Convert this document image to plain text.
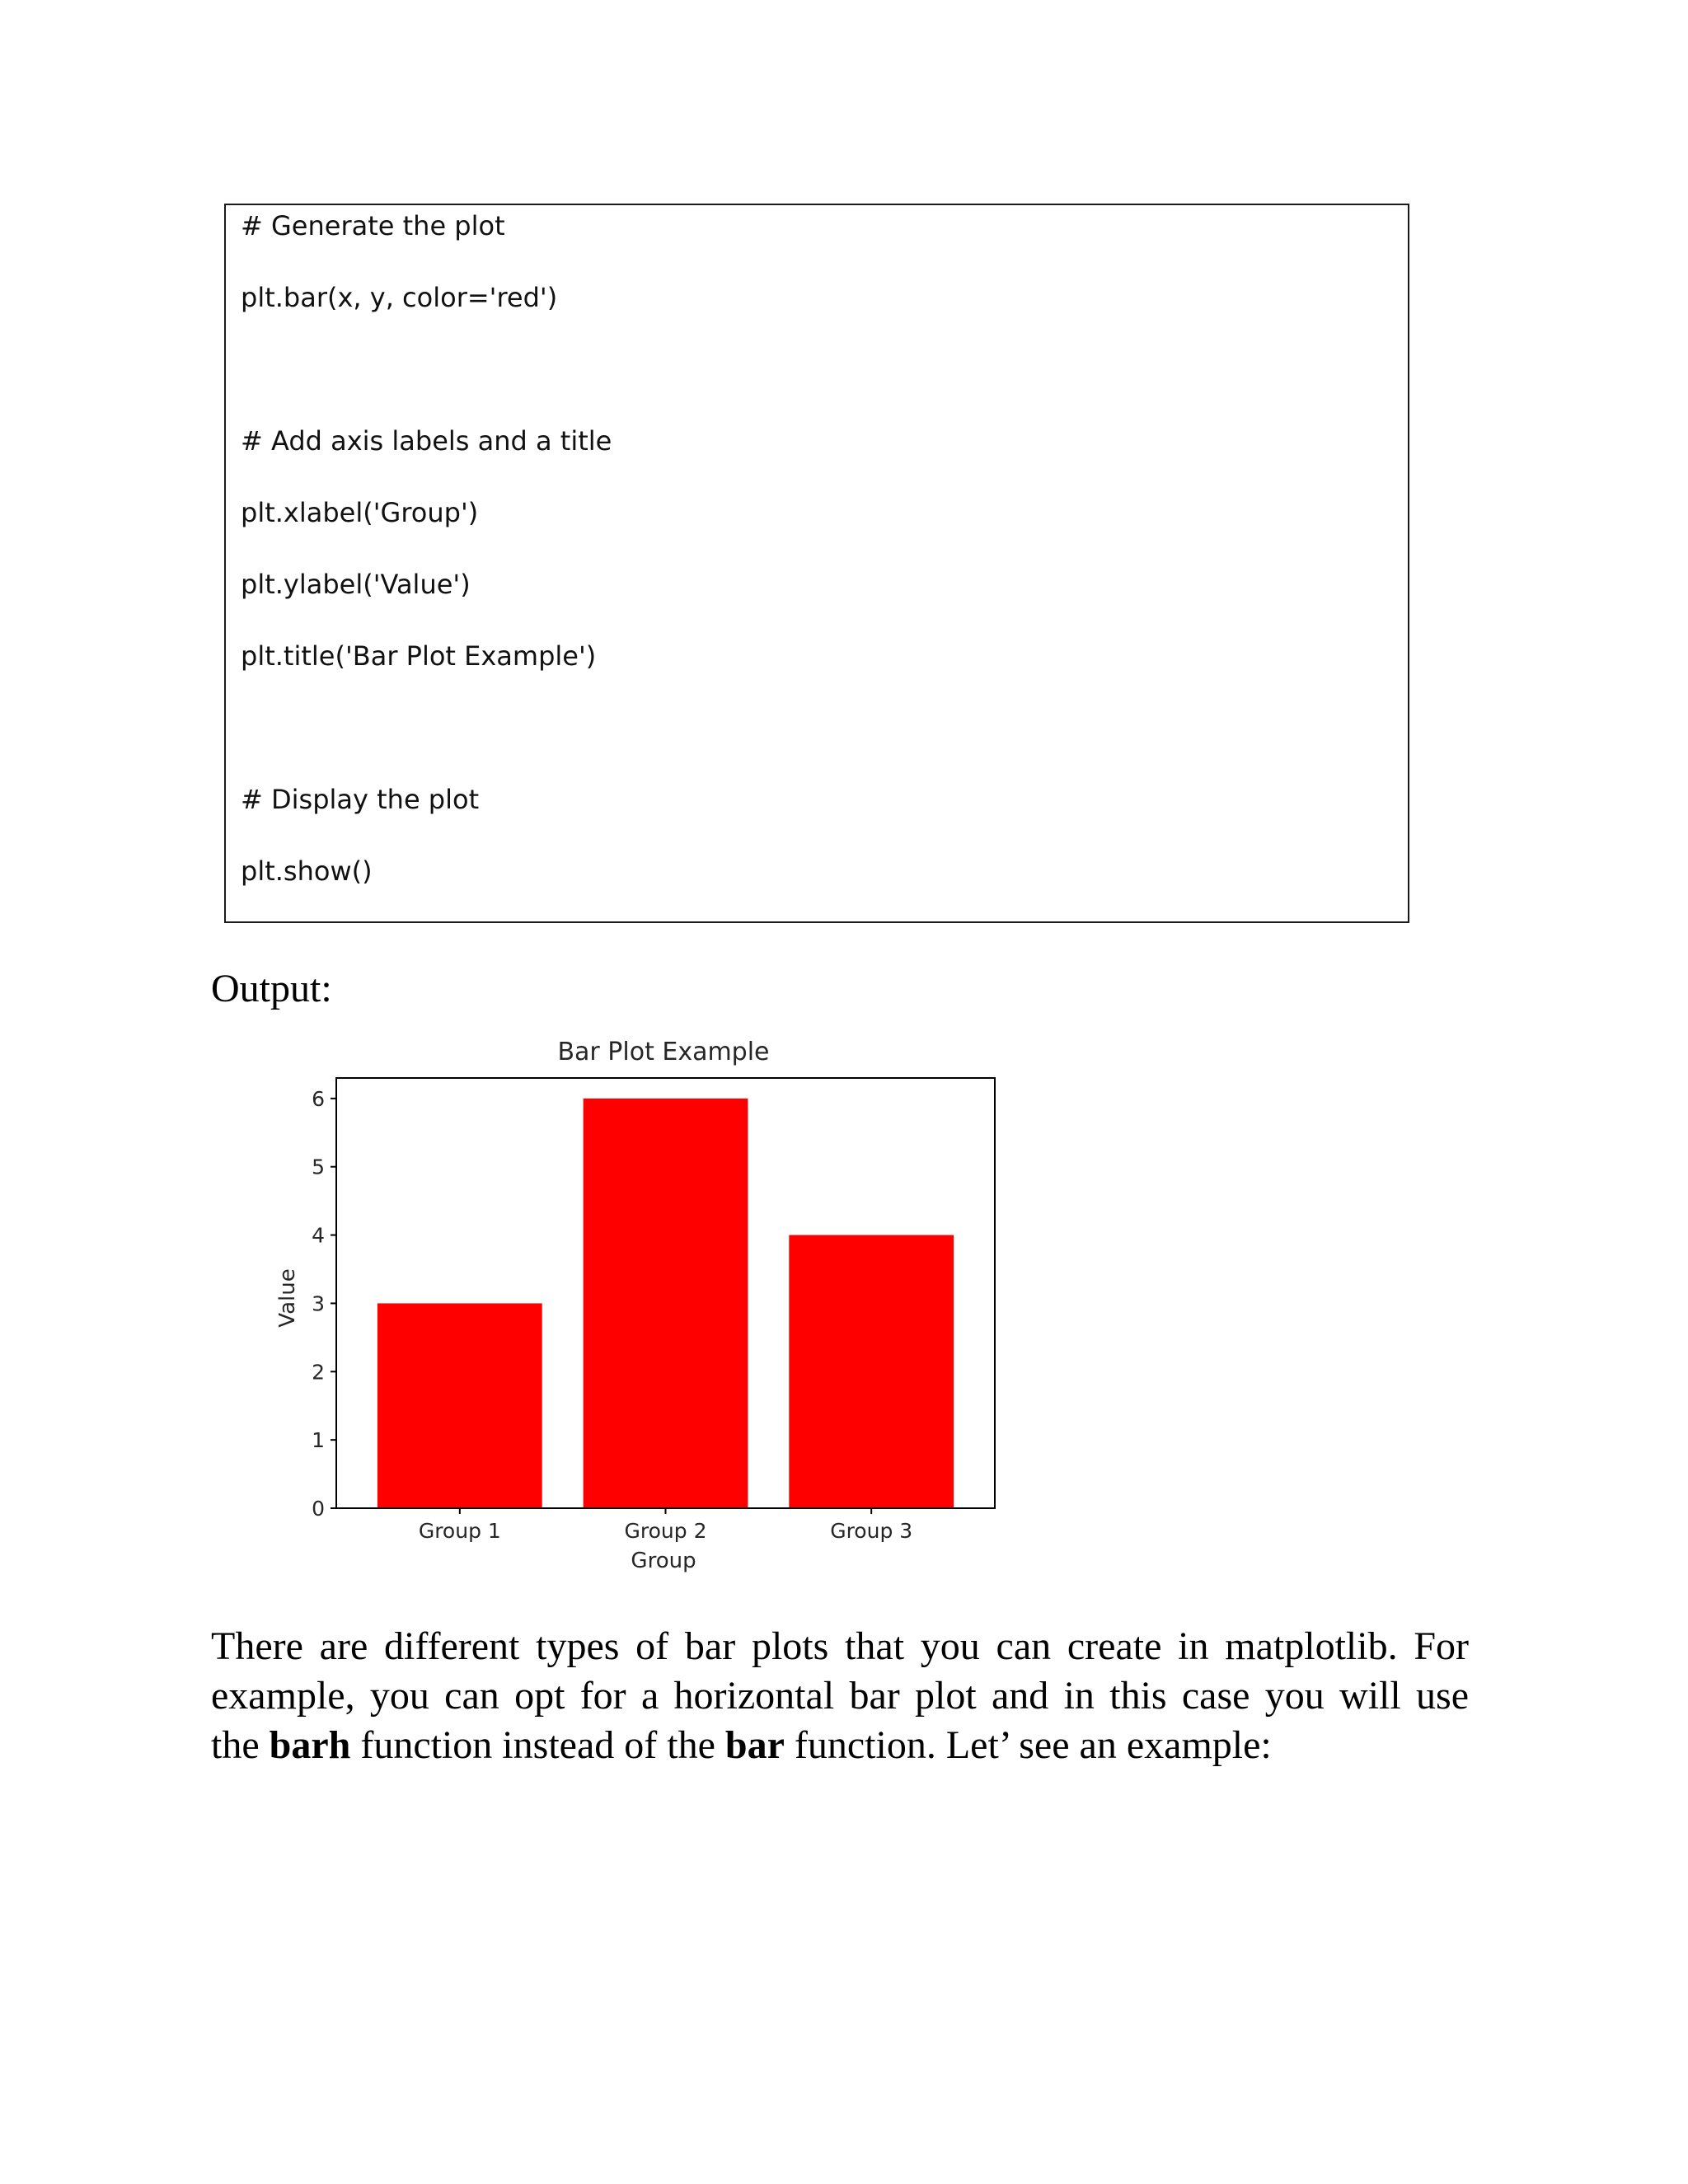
# Generate the plot
plt.bar(x, y, color='red')
# Add axis labels and a title
plt.xlabel('Group')
plt.ylabel('Value')
plt.title('Bar Plot Example')
# Display the plot
plt.show()
Output:
Bar Plot Example
Group
Value
0
1
2
3
4
5
6
Group 1	Group 2	Group 3
There are different types of bar plots that you can create in matplotlib. For
example, you can opt for a horizontal bar plot and in this case you will use
the barh function instead of the bar function. Let’ see an example:
